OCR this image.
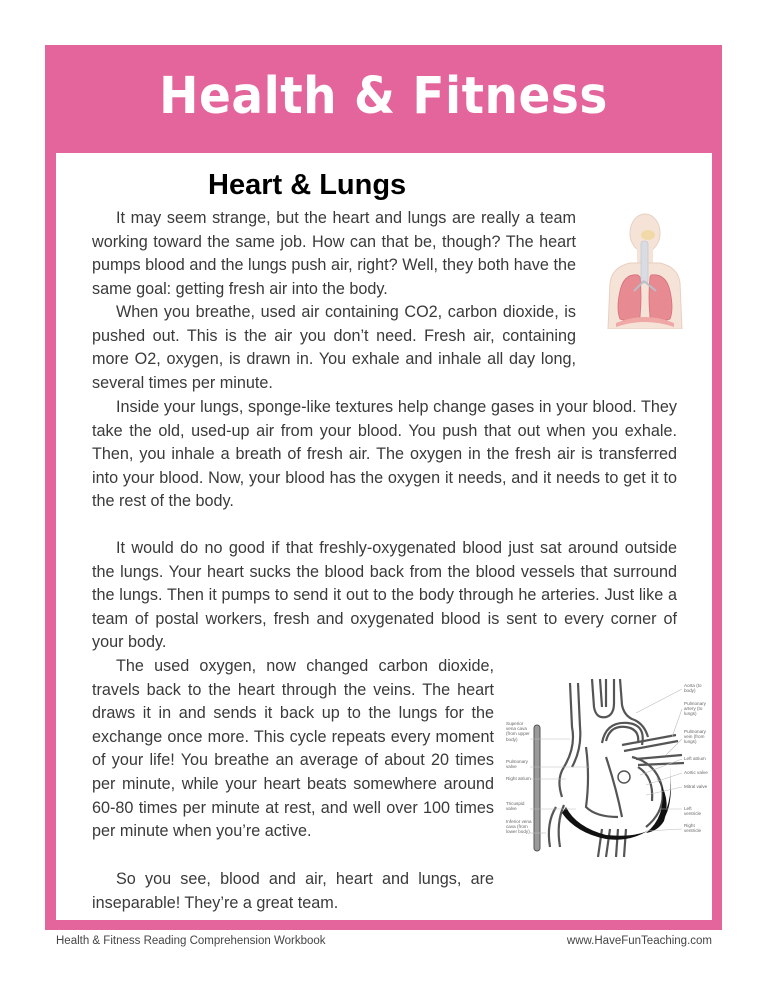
Health & Fitness
Heart & Lungs

It may seem strange, but the heart and lungs are really a team working toward the same job. How can that be, though? The heart pumps blood and the lungs push air, right? Well, they both have the same goal: getting fresh air into the body.

When you breathe, used air containing CO2, carbon dioxide, is pushed out. This is the air you don’t need. Fresh air, containing more O2, oxygen, is drawn in. You exhale and inhale all day long, several times per minute.

Inside your lungs, sponge-like textures help change gases in your blood. They take the old, used-up air from your blood. You push that out when you exhale. Then, you inhale a breath of fresh air. The oxygen in the fresh air is transferred into your blood. Now, your blood has the oxygen it needs, and it needs to get it to the rest of the body.

It would do no good if that freshly-oxygenated blood just sat around outside the lungs. Your heart sucks the blood back from the blood vessels that surround the lungs. Then it pumps to send it out to the body through he arteries. Just like a team of postal workers, fresh and oxygenated blood is sent to every corner of your body.

The used oxygen, now changed carbon dioxide, travels back to the heart through the veins. The heart draws it in and sends it back up to the lungs for the exchange once more. This cycle repeats every moment of your life! You breathe an average of about 20 times per minute, while your heart beats somewhere around 60-80 times per minute at rest, and well over 100 times per minute when you’re active.

So you see, blood and air, heart and lungs, are inseparable! They’re a great team.

Superior vena cava (from upper body)
Pulmonary valve
Right atrium
Tricuspid valve
Inferior vena cava (from lower body)
Aorta (to body)
Pulmonary artery (to lungs)
Pulmonary vein (from lungs)
Left atrium
Aortic valve
Mitral valve
Left ventricle
Right ventricle
Health & Fitness Reading Comprehension Workbook	www.HaveFunTeaching.com
